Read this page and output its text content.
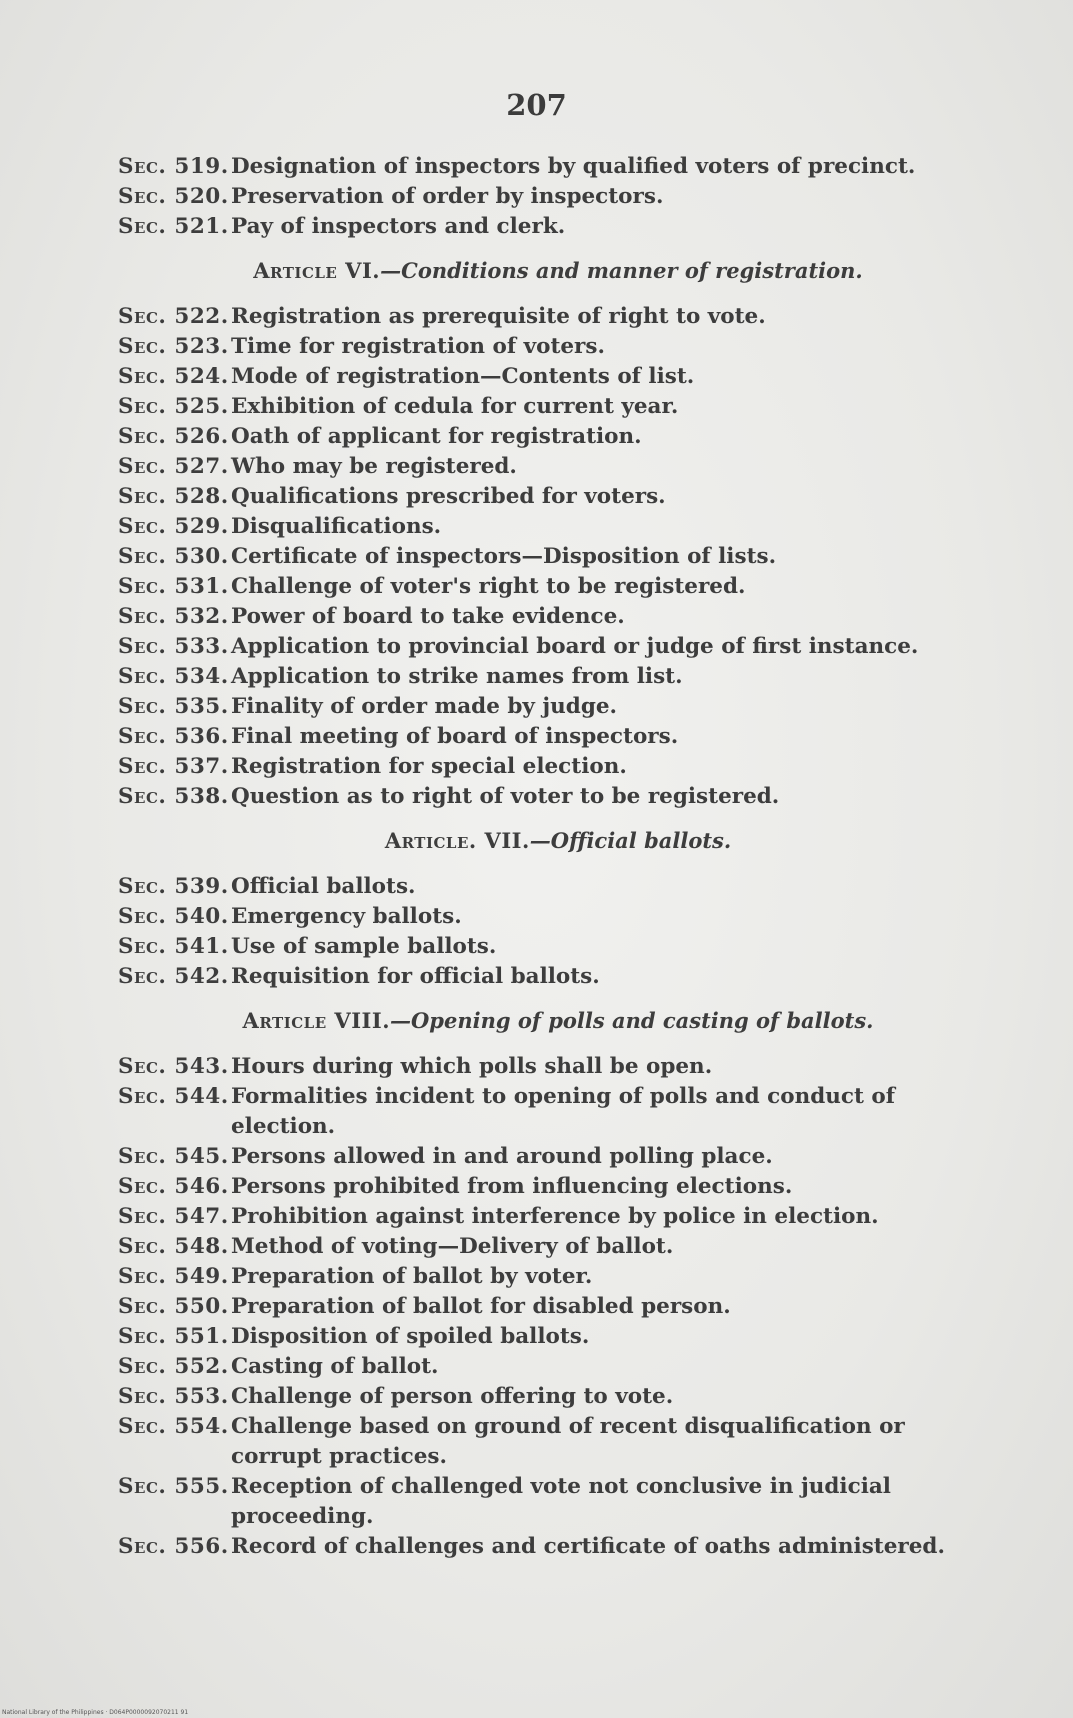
207
Sec. 519. Designation of inspectors by qualified voters of precinct.
Sec. 520. Preservation of order by inspectors.
Sec. 521. Pay of inspectors and clerk.
Article VI.—Conditions and manner of registration.
Sec. 522. Registration as prerequisite of right to vote.
Sec. 523. Time for registration of voters.
Sec. 524. Mode of registration—Contents of list.
Sec. 525. Exhibition of cedula for current year.
Sec. 526. Oath of applicant for registration.
Sec. 527. Who may be registered.
Sec. 528. Qualifications prescribed for voters.
Sec. 529. Disqualifications.
Sec. 530. Certificate of inspectors—Disposition of lists.
Sec. 531. Challenge of voter's right to be registered.
Sec. 532. Power of board to take evidence.
Sec. 533. Application to provincial board or judge of first instance.
Sec. 534. Application to strike names from list.
Sec. 535. Finality of order made by judge.
Sec. 536. Final meeting of board of inspectors.
Sec. 537. Registration for special election.
Sec. 538. Question as to right of voter to be registered.
Article. VII.—Official ballots.
Sec. 539. Official ballots.
Sec. 540. Emergency ballots.
Sec. 541. Use of sample ballots.
Sec. 542. Requisition for official ballots.
Article VIII.—Opening of polls and casting of ballots.
Sec. 543. Hours during which polls shall be open.
Sec. 544. Formalities incident to opening of polls and conduct of election.
Sec. 545. Persons allowed in and around polling place.
Sec. 546. Persons prohibited from influencing elections.
Sec. 547. Prohibition against interference by police in election.
Sec. 548. Method of voting—Delivery of ballot.
Sec. 549. Preparation of ballot by voter.
Sec. 550. Preparation of ballot for disabled person.
Sec. 551. Disposition of spoiled ballots.
Sec. 552. Casting of ballot.
Sec. 553. Challenge of person offering to vote.
Sec. 554. Challenge based on ground of recent disqualification or corrupt practices.
Sec. 555. Reception of challenged vote not conclusive in judicial proceeding.
Sec. 556. Record of challenges and certificate of oaths administered.
National Library of the Philippines · D064P0000092070211 91
